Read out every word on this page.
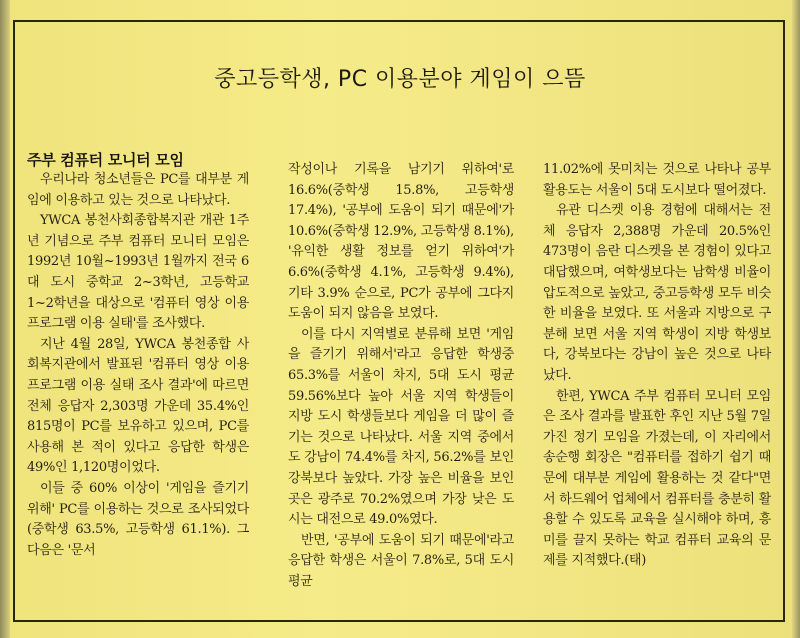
중고등학생, PC 이용분야 게임이 으뜸

주부 컴퓨터 모니터 모임

우리나라 청소년들은 PC를 대부분 게임에 이용하고 있는 것으로 나타났다.

YWCA 봉천사회종합복지관 개관 1주년 기념으로 주부 컴퓨터 모니터 모임은 1992년 10월~1993년 1월까지 전국 6대 도시 중학교 2~3학년, 고등학교 1~2학년을 대상으로 '컴퓨터 영상 이용 프로그램 이용 실태'를 조사했다.

지난 4월 28일, YWCA 봉천종합 사회복지관에서 발표된 '컴퓨터 영상 이용 프로그램 이용 실태 조사 결과'에 따르면 전체 응답자 2,303명 가운데 35.4%인 815명이 PC를 보유하고 있으며, PC를 사용해 본 적이 있다고 응답한 학생은 49%인 1,120명이었다.

이들 중 60% 이상이 '게임을 즐기기 위해' PC를 이용하는 것으로 조사되었다(중학생 63.5%, 고등학생 61.1%). 그 다음은 '문서

작성이나 기록을 남기기 위하여'로 16.6%(중학생 15.8%, 고등학생 17.4%), '공부에 도움이 되기 때문에'가 10.6%(중학생 12.9%, 고등학생 8.1%), '유익한 생활 정보를 얻기 위하여'가 6.6%(중학생 4.1%, 고등학생 9.4%), 기타 3.9% 순으로, PC가 공부에 그다지 도움이 되지 않음을 보였다.

이를 다시 지역별로 분류해 보면 '게임을 즐기기 위해서'라고 응답한 학생중 65.3%를 서울이 차지, 5대 도시 평균 59.56%보다 높아 서울 지역 학생들이 지방 도시 학생들보다 게임을 더 많이 즐기는 것으로 나타났다. 서울 지역 중에서도 강남이 74.4%를 차지, 56.2%를 보인 강북보다 높았다. 가장 높은 비율을 보인 곳은 광주로 70.2%였으며 가장 낮은 도시는 대전으로 49.0%였다.

반면, '공부에 도움이 되기 때문에'라고 응답한 학생은 서울이 7.8%로, 5대 도시 평균

11.02%에 못미치는 것으로 나타나 공부 활용도는 서울이 5대 도시보다 떨어졌다.

유관 디스켓 이용 경험에 대해서는 전체 응답자 2,388명 가운데 20.5%인 473명이 음란 디스켓을 본 경험이 있다고 대답했으며, 여학생보다는 남학생 비율이 압도적으로 높았고, 중고등학생 모두 비슷한 비율을 보였다. 또 서울과 지방으로 구분해 보면 서울 지역 학생이 지방 학생보다, 강북보다는 강남이 높은 것으로 나타났다.

한편, YWCA 주부 컴퓨터 모니터 모임은 조사 결과를 발표한 후인 지난 5월 7일 가진 정기 모임을 가졌는데, 이 자리에서 송순행 회장은 "컴퓨터를 접하기 쉽기 때문에 대부분 게임에 활용하는 것 같다"면서 하드웨어 업체에서 컴퓨터를 충분히 활용할 수 있도록 교육을 실시해야 하며, 흥미를 끌지 못하는 학교 컴퓨터 교육의 문제를 지적했다.(태)
